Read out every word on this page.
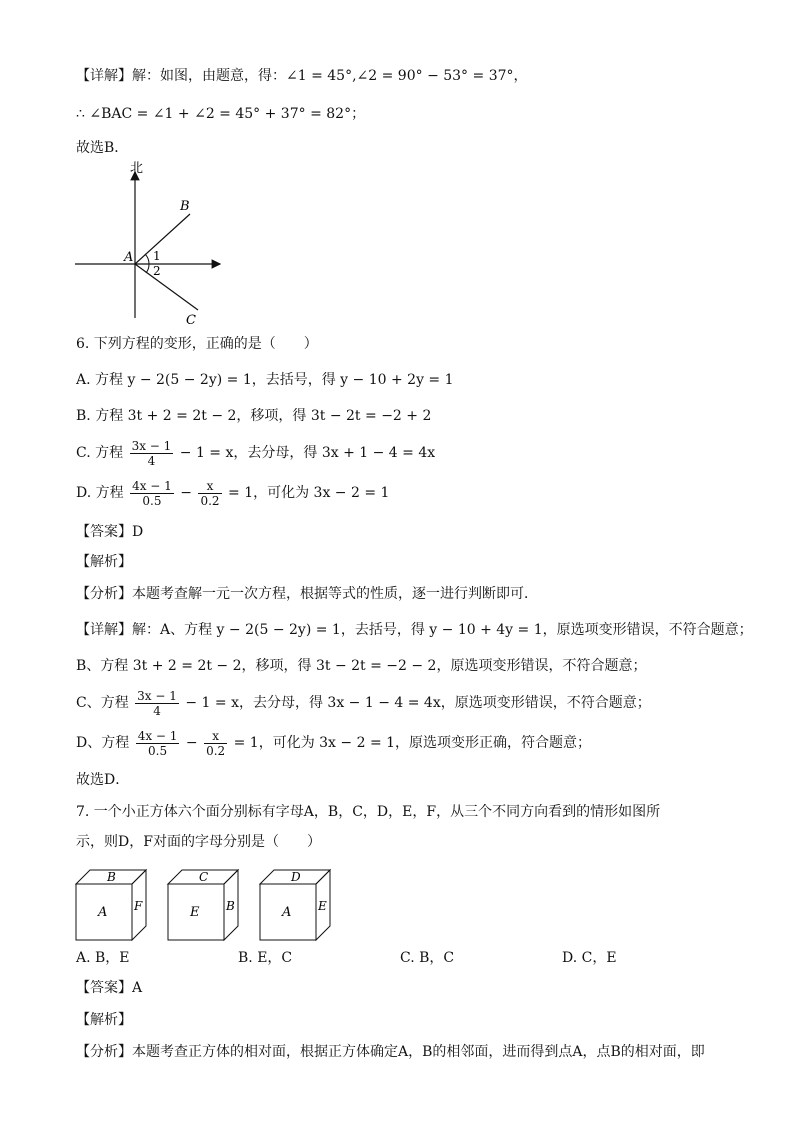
【详解】解：如图，由题意，得：∠1 = 45°,∠2 = 90° − 53° = 37°，
∴ ∠BAC = ∠1 + ∠2 = 45° + 37° = 82°；
故选B．
北
A
B
C
1
2
6. 下列方程的变形，正确的是（　　）
A. 方程 y − 2(5 − 2y) = 1，去括号，得 y − 10 + 2y = 1
B. 方程 3t + 2 = 2t − 2，移项，得 3t − 2t = −2 + 2
C. 方程 $\frac{3x - 1}{4} - 1 = x$，去分母，得 3x + 1 − 4 = 4x
D. 方程 $\frac{4x - 1}{0.5} - \frac{x}{0.2} = 1$，可化为 3x − 2 = 1
【答案】D
【解析】
【分析】本题考查解一元一次方程，根据等式的性质，逐一进行判断即可．
【详解】解：A、方程 y − 2(5 − 2y) = 1，去括号，得 y − 10 + 4y = 1，原选项变形错误，不符合题意；
B、方程 3t + 2 = 2t − 2，移项，得 3t − 2t = −2 − 2，原选项变形错误，不符合题意；
C、方程 $\frac{3x - 1}{4} - 1 = x$，去分母，得 3x − 1 − 4 = 4x，原选项变形错误，不符合题意；
D、方程 $\frac{4x - 1}{0.5} - \frac{x}{0.2} = 1$，可化为 3x − 2 = 1，原选项变形正确，符合题意；
故选D．
7. 一个小正方体六个面分别标有字母A，B，C，D，E，F，从三个不同方向看到的情形如图所
示，则D，F对面的字母分别是（　　）
B
A F
C
E B
D
A E
A. B，E	B. E，C	C. B，C	D. C，E
【答案】A
【解析】
【分析】本题考查正方体的相对面，根据正方体确定A，B的相邻面，进而得到点A，点B的相对面，即
